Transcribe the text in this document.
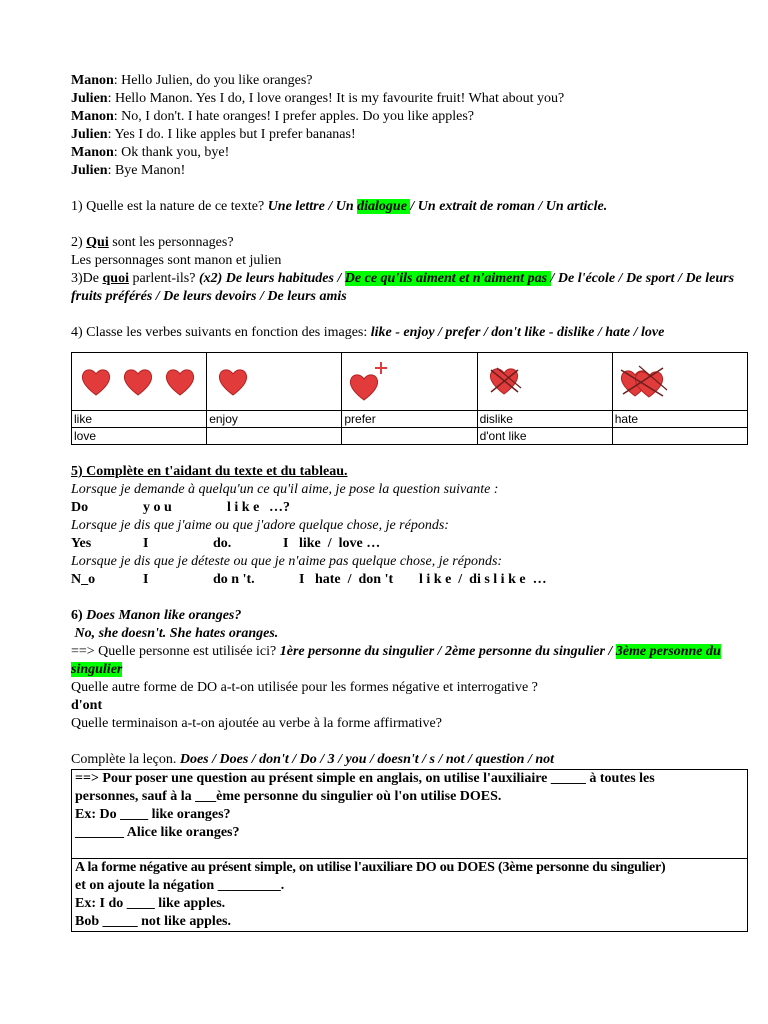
Manon: Hello Julien, do you like oranges?
Julien: Hello Manon. Yes I do, I love oranges! It is my favourite fruit! What about you?
Manon: No, I don't. I hate oranges! I prefer apples. Do you like apples?
Julien: Yes I do. I like apples but I prefer bananas!
Manon: Ok thank you, bye!
Julien: Bye Manon!
1) Quelle est la nature de ce texte? Une lettre / Un dialogue / Un extrait de roman / Un article.
2) Qui sont les personnages?
Les personnages sont manon et julien
3)De quoi parlent-ils? (x2) De leurs habitudes / De ce qu'ils aiment et n'aiment pas / De l'école / De sport / De leurs fruits préférés / De leurs devoirs / De leurs amis
4) Classe les verbes suivants en fonction des images: like - enjoy / prefer / don't like - dislike / hate / love

like	enjoy	prefer	dislike	hate
love			d'ont like	
5) Complète en t'aidant du texte et du tableau.
Lorsque je demande à quelqu'un ce qu'il aime, je pose la question suivante :
Do	y o u	l i k e …?
Lorsque je dis que j'aime ou que j'adore quelque chose, je réponds:
Yes	I	do.	I   like  /  love …
Lorsque je dis que je déteste ou que je n'aime pas quelque chose, je réponds:
N_o	I	do n 't.	I   hate  /  don 't	l i k e  /  di s l i k e  …
6) Does Manon like oranges?
No, she doesn't. She hates oranges.
==> Quelle personne est utilisée ici? 1ère personne du singulier / 2ème personne du singulier / 3ème personne du singulier
Quelle autre forme de DO a-t-on utilisée pour les formes négative et interrogative ?
d'ont
Quelle terminaison a-t-on ajoutée au verbe à la forme affirmative?
Complète la leçon. Does / Does / don't / Do / 3 / you / doesn't / s / not / question / not
==> Pour poser une question au présent simple en anglais, on utilise l'auxiliaire _____ à toutes les
personnes, sauf à la ___ème personne du singulier où l'on utilise DOES.
Ex: Do ____ like oranges?
_______ Alice like oranges?
A la forme négative au présent simple, on utilise l'auxiliare DO ou DOES (3ème personne du singulier)
et on ajoute la négation _________.
Ex: I do ____ like apples.
Bob _____ not like apples.
